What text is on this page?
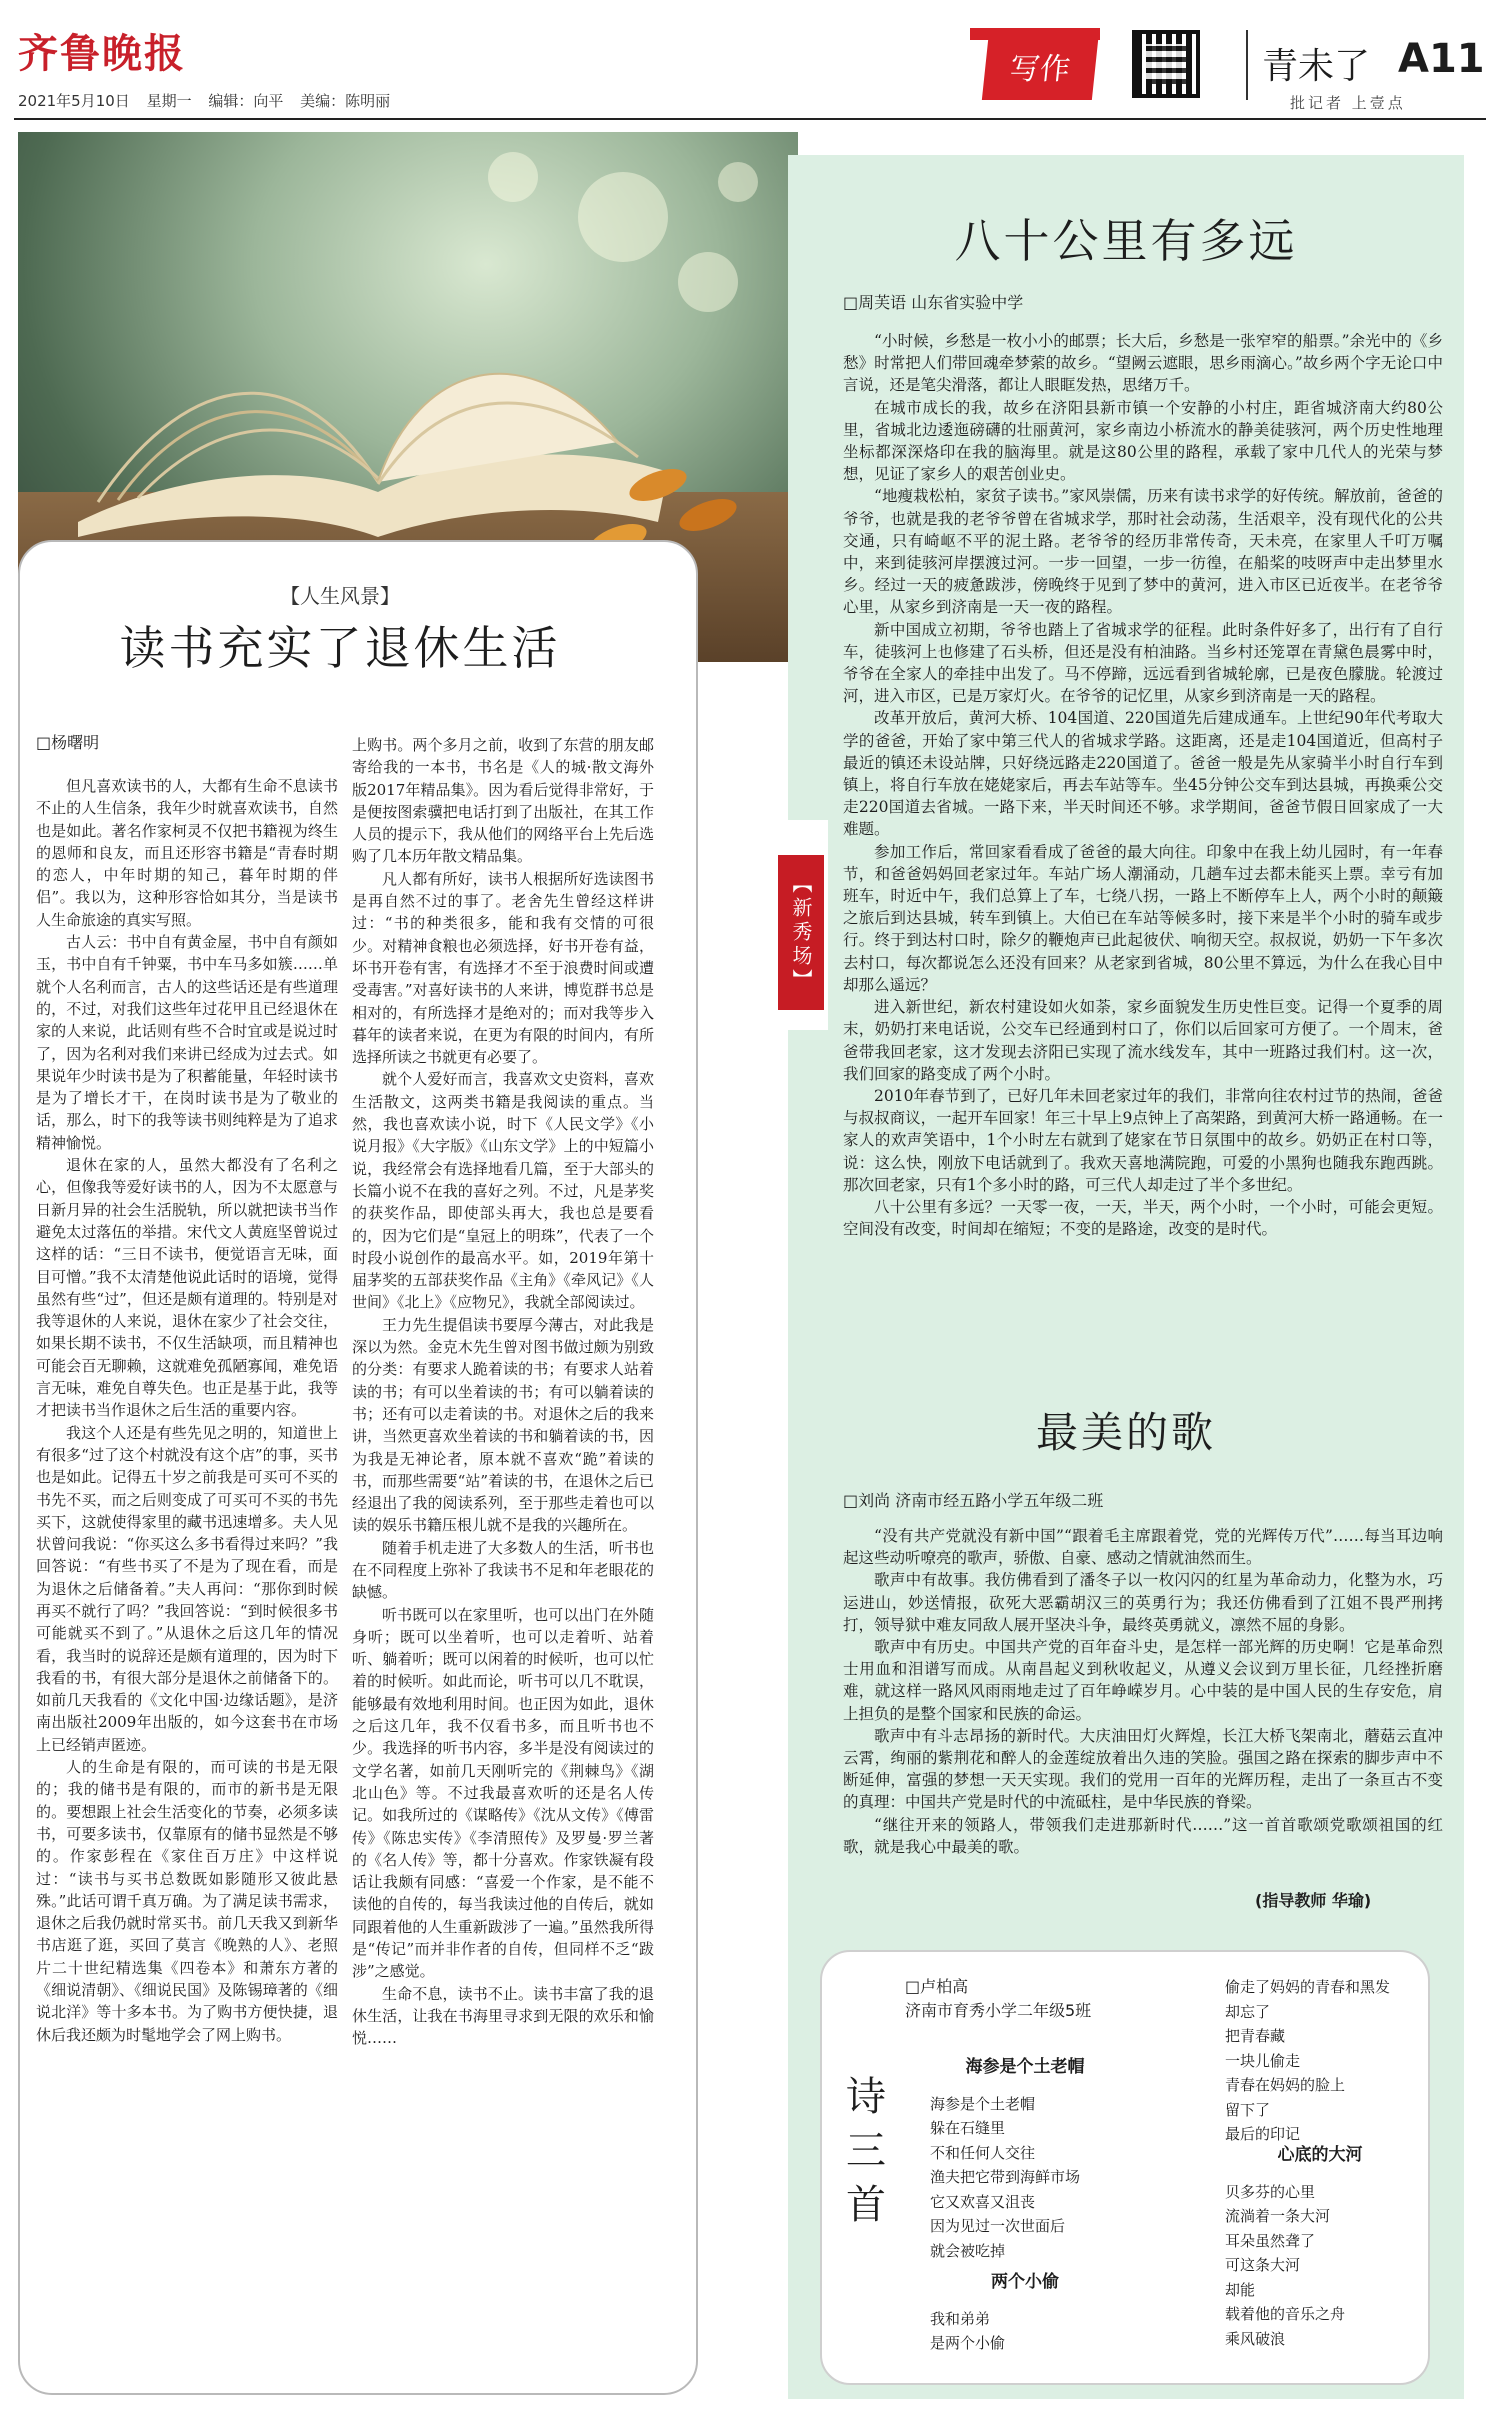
齐鲁晚报
2021年5月10日 星期一 编辑：向平 美编：陈明丽
写作	青未了 A11
批记者 上壹点
【人生风景】
读书充实了退休生活
□杨曙明

但凡喜欢读书的人，大都有生命不息读书不止的人生信条，我年少时就喜欢读书，自然也是如此。著名作家柯灵不仅把书籍视为终生的恩师和良友，而且还形容书籍是“青春时期的恋人，中年时期的知己，暮年时期的伴侣”。我以为，这种形容恰如其分，当是读书人生命旅途的真实写照。

古人云：书中自有黄金屋，书中自有颜如玉，书中自有千钟粟，书中车马多如簇……单就个人名利而言，古人的这些话还是有些道理的，不过，对我们这些年过花甲且已经退休在家的人来说，此话则有些不合时宜或是说过时了，因为名利对我们来讲已经成为过去式。如果说年少时读书是为了积蓄能量，年轻时读书是为了增长才干，在岗时读书是为了敬业的话，那么，时下的我等读书则纯粹是为了追求精神愉悦。

退休在家的人，虽然大都没有了名利之心，但像我等爱好读书的人，因为不太愿意与日新月异的社会生活脱轨，所以就把读书当作避免太过落伍的举措。宋代文人黄庭坚曾说过这样的话：“三日不读书，便觉语言无味，面目可憎。”我不太清楚他说此话时的语境，觉得虽然有些“过”，但还是颇有道理的。特别是对我等退休的人来说，退休在家少了社会交往，如果长期不读书，不仅生活缺项，而且精神也可能会百无聊赖，这就难免孤陋寡闻，难免语言无味，难免自尊失色。也正是基于此，我等才把读书当作退休之后生活的重要内容。

我这个人还是有些先见之明的，知道世上有很多“过了这个村就没有这个店”的事，买书也是如此。记得五十岁之前我是可买可不买的书先不买，而之后则变成了可买可不买的书先买下，这就使得家里的藏书迅速增多。夫人见状曾问我说：“你买这么多书看得过来吗？”我回答说：“有些书买了不是为了现在看，而是为退休之后储备着。”夫人再问：“那你到时候再买不就行了吗？”我回答说：“到时候很多书可能就买不到了。”从退休之后这几年的情况看，我当时的说辞还是颇有道理的，因为时下我看的书，有很大部分是退休之前储备下的。如前几天我看的《文化中国·边缘话题》，是济南出版社2009年出版的，如今这套书在市场上已经销声匿迹。

人的生命是有限的，而可读的书是无限的；我的储书是有限的，而市的新书是无限的。要想跟上社会生活变化的节奏，必须多读书，可要多读书，仅靠原有的储书显然是不够的。作家彭程在《家住百万庄》中这样说过：“读书与买书总数既如影随形又彼此悬殊。”此话可谓千真万确。为了满足读书需求，退休之后我仍就时常买书。前几天我又到新华书店逛了逛，买回了莫言《晚熟的人》、老照片二十世纪精选集《四卷本》和萧东方著的《细说清朝》、《细说民国》及陈锡璋著的《细说北洋》等十多本书。为了购书方便快捷，退休后我还颇为时髦地学会了网上购书。

上购书。两个多月之前，收到了东营的朋友邮寄给我的一本书，书名是《人的城·散文海外版2017年精品集》。因为看后觉得非常好，于是便按图索骥把电话打到了出版社，在其工作人员的提示下，我从他们的网络平台上先后选购了几本历年散文精品集。

凡人都有所好，读书人根据所好选读图书是再自然不过的事了。老舍先生曾经这样讲过：“书的种类很多，能和我有交情的可很少。对精神食粮也必须选择，好书开卷有益，坏书开卷有害，有选择才不至于浪费时间或遭受毒害。”对喜好读书的人来讲，博览群书总是相对的，有所选择才是绝对的；而对我等步入暮年的读者来说，在更为有限的时间内，有所选择所读之书就更有必要了。

就个人爱好而言，我喜欢文史资料，喜欢生活散文，这两类书籍是我阅读的重点。当然，我也喜欢读小说，时下《人民文学》《小说月报》《大字版》《山东文学》上的中短篇小说，我经常会有选择地看几篇，至于大部头的长篇小说不在我的喜好之列。不过，凡是茅奖的获奖作品，即使部头再大，我也总是要看的，因为它们是“皇冠上的明珠”，代表了一个时段小说创作的最高水平。如，2019年第十届茅奖的五部获奖作品《主角》《牵风记》《人世间》《北上》《应物兄》，我就全部阅读过。

王力先生提倡读书要厚今薄古，对此我是深以为然。金克木先生曾对图书做过颇为别致的分类：有要求人跪着读的书；有要求人站着读的书；有可以坐着读的书；有可以躺着读的书；还有可以走着读的书。对退休之后的我来讲，当然更喜欢坐着读的书和躺着读的书，因为我是无神论者，原本就不喜欢“跪”着读的书，而那些需要“站”着读的书，在退休之后已经退出了我的阅读系列，至于那些走着也可以读的娱乐书籍压根儿就不是我的兴趣所在。

随着手机走进了大多数人的生活，听书也在不同程度上弥补了我读书不足和年老眼花的缺憾。

听书既可以在家里听，也可以出门在外随身听；既可以坐着听，也可以走着听、站着听、躺着听；既可以闲着的时候听，也可以忙着的时候听。如此而论，听书可以几不耽误，能够最有效地利用时间。也正因为如此，退休之后这几年，我不仅看书多，而且听书也不少。我选择的听书内容，多半是没有阅读过的文学名著，如前几天刚听完的《荆棘鸟》《湖北山色》等。不过我最喜欢听的还是名人传记。如我所过的《谋略传》《沈从文传》《傅雷传》《陈忠实传》《李清照传》及罗曼·罗兰著的《名人传》等，都十分喜欢。作家铁凝有段话让我颇有同感：“喜爱一个作家，是不能不读他的自传的，每当我读过他的自传后，就如同跟着他的人生重新跋涉了一遍。”虽然我所得是“传记”而并非作者的自传，但同样不乏“跋涉”之感觉。

生命不息，读书不止。读书丰富了我的退休生活，让我在书海里寻求到无限的欢乐和愉悦……

【新秀场】
八十公里有多远
□周芙语 山东省实验中学

“小时候，乡愁是一枚小小的邮票；长大后，乡愁是一张窄窄的船票。”余光中的《乡愁》时常把人们带回魂牵梦萦的故乡。“望阙云遮眼，思乡雨滴心。”故乡两个字无论口中言说，还是笔尖滑落，都让人眼眶发热，思绪万千。

在城市成长的我，故乡在济阳县新市镇一个安静的小村庄，距省城济南大约80公里，省城北边逶迤磅礴的壮丽黄河，家乡南边小桥流水的静美徒骇河，两个历史性地理坐标都深深烙印在我的脑海里。就是这80公里的路程，承载了家中几代人的光荣与梦想，见证了家乡人的艰苦创业史。

“地瘦栽松柏，家贫子读书。”家风崇儒，历来有读书求学的好传统。解放前，爸爸的爷爷，也就是我的老爷爷曾在省城求学，那时社会动荡，生活艰辛，没有现代化的公共交通，只有崎岖不平的泥土路。老爷爷的经历非常传奇，天未亮，在家里人千叮万嘱中，来到徒骇河岸摆渡过河。一步一回望，一步一彷徨，在船桨的吱呀声中走出梦里水乡。经过一天的疲惫跋涉，傍晚终于见到了梦中的黄河，进入市区已近夜半。在老爷爷心里，从家乡到济南是一天一夜的路程。

新中国成立初期，爷爷也踏上了省城求学的征程。此时条件好多了，出行有了自行车，徒骇河上也修建了石头桥，但还是没有柏油路。当乡村还笼罩在青黛色晨雾中时，爷爷在全家人的牵挂中出发了。马不停蹄，远远看到省城轮廓，已是夜色朦胧。轮渡过河，进入市区，已是万家灯火。在爷爷的记忆里，从家乡到济南是一天的路程。

改革开放后，黄河大桥、104国道、220国道先后建成通车。上世纪90年代考取大学的爸爸，开始了家中第三代人的省城求学路。这距离，还是走104国道近，但高村子最近的镇还未设站牌，只好绕远路走220国道了。爸爸一般是先从家骑半小时自行车到镇上，将自行车放在姥姥家后，再去车站等车。坐45分钟公交车到达县城，再换乘公交走220国道去省城。一路下来，半天时间还不够。求学期间，爸爸节假日回家成了一大难题。

参加工作后，常回家看看成了爸爸的最大向往。印象中在我上幼儿园时，有一年春节，和爸爸妈妈回老家过年。车站广场人潮涌动，几趟车过去都未能买上票。幸亏有加班车，时近中午，我们总算上了车，七绕八拐，一路上不断停车上人，两个小时的颠簸之旅后到达县城，转车到镇上。大伯已在车站等候多时，接下来是半个小时的骑车或步行。终于到达村口时，除夕的鞭炮声已此起彼伏、响彻天空。叔叔说，奶奶一下午多次去村口，每次都说怎么还没有回来？从老家到省城，80公里不算远，为什么在我心目中却那么遥远？

进入新世纪，新农村建设如火如荼，家乡面貌发生历史性巨变。记得一个夏季的周末，奶奶打来电话说，公交车已经通到村口了，你们以后回家可方便了。一个周末，爸爸带我回老家，这才发现去济阳已实现了流水线发车，其中一班路过我们村。这一次，我们回家的路变成了两个小时。

2010年春节到了，已好几年未回老家过年的我们，非常向往农村过节的热闹，爸爸与叔叔商议，一起开车回家！年三十早上9点钟上了高架路，到黄河大桥一路通畅。在一家人的欢声笑语中，1个小时左右就到了姥家在节日氛围中的故乡。奶奶正在村口等，说：这么快，刚放下电话就到了。我欢天喜地满院跑，可爱的小黑狗也随我东跑西跳。那次回老家，只有1个多小时的路，可三代人却走过了半个多世纪。

八十公里有多远？一天零一夜，一天，半天，两个小时，一个小时，可能会更短。空间没有改变，时间却在缩短；不变的是路途，改变的是时代。

最美的歌
□刘尚 济南市经五路小学五年级二班

“没有共产党就没有新中国”“跟着毛主席跟着党，党的光辉传万代”……每当耳边响起这些动听嘹亮的歌声，骄傲、自豪、感动之情就油然而生。

歌声中有故事。我仿佛看到了潘冬子以一枚闪闪的红星为革命动力，化整为水，巧运进山，妙送情报，砍死大恶霸胡汉三的英勇行为；我还仿佛看到了江姐不畏严刑拷打，领导狱中难友同敌人展开坚决斗争，最终英勇就义，凛然不屈的身影。

歌声中有历史。中国共产党的百年奋斗史，是怎样一部光辉的历史啊！它是革命烈士用血和泪谱写而成。从南昌起义到秋收起义，从遵义会议到万里长征，几经挫折磨难，就这样一路风风雨雨地走过了百年峥嵘岁月。心中装的是中国人民的生存安危，肩上担负的是整个国家和民族的命运。

歌声中有斗志昂扬的新时代。大庆油田灯火辉煌，长江大桥飞架南北，蘑菇云直冲云霄，绚丽的紫荆花和醉人的金莲绽放着出久违的笑脸。强国之路在探索的脚步声中不断延伸，富强的梦想一天天实现。我们的党用一百年的光辉历程，走出了一条亘古不变的真理：中国共产党是时代的中流砥柱，是中华民族的脊梁。

“继往开来的领路人，带领我们走进那新时代……”这一首首歌颂党歌颂祖国的红歌，就是我心中最美的歌。

(指导教师 华瑜)
诗三首
□卢柏高
济南市育秀小学二年级5班
海参是个土老帽
海参是个土老帽
躲在石缝里
不和任何人交往
渔夫把它带到海鲜市场
它又欢喜又沮丧
因为见过一次世面后
就会被吃掉
两个小偷
我和弟弟
是两个小偷
偷走了妈妈的青春和黑发
却忘了
把青春藏
一块儿偷走
青春在妈妈的脸上
留下了
最后的印记
心底的大河
贝多芬的心里
流淌着一条大河
耳朵虽然聋了
可这条大河
却能
载着他的音乐之舟
乘风破浪
